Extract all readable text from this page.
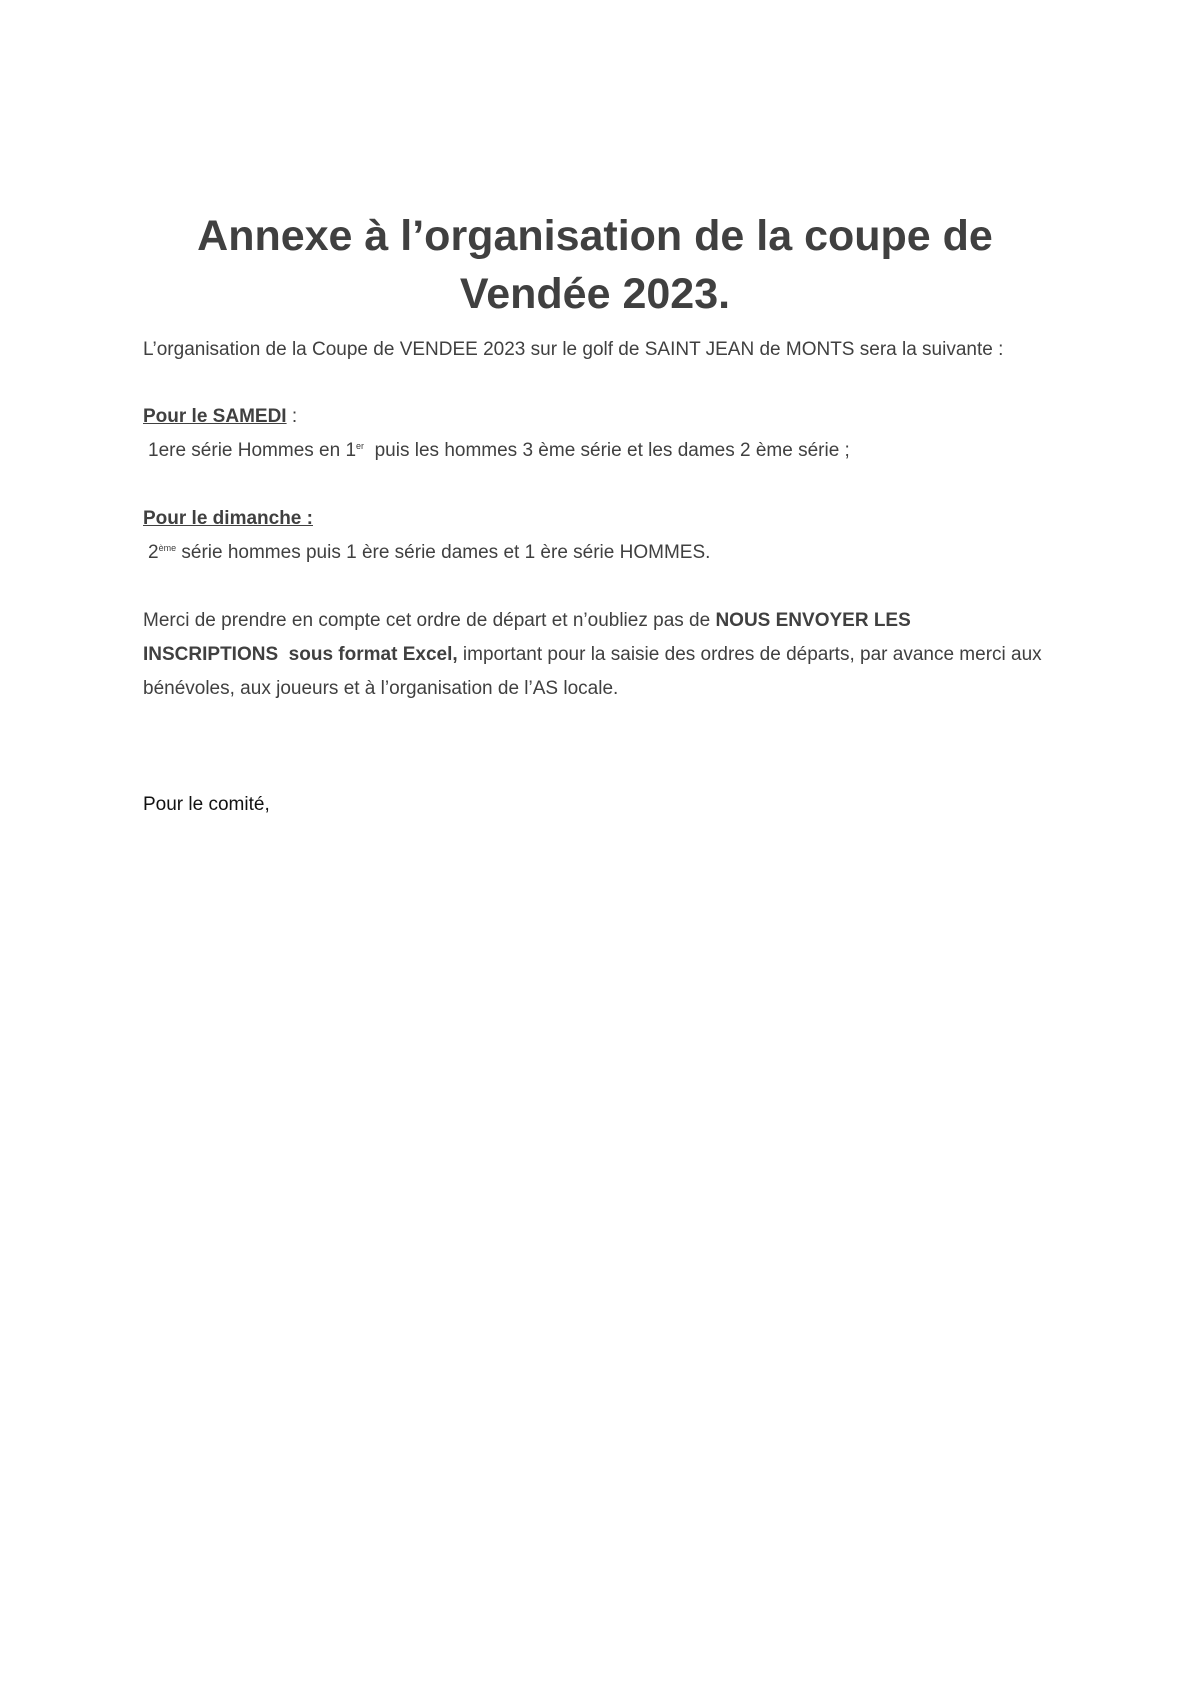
Annexe à l’organisation de la coupe de
Vendée 2023.

L’organisation de la Coupe de VENDEE 2023 sur le golf de SAINT JEAN de MONTS sera la suivante :

Pour le SAMEDI :
1ere série Hommes en 1er  puis les hommes 3 ème série et les dames 2 ème série ;
Pour le dimanche :
2ème série hommes puis 1 ère série dames et 1 ère série HOMMES.

Merci de prendre en compte cet ordre de départ et n’oubliez pas de NOUS ENVOYER LES INSCRIPTIONS  sous format Excel, important pour la saisie des ordres de départs, par avance merci aux bénévoles, aux joueurs et à l’organisation de l’AS locale.

Pour le comité,
